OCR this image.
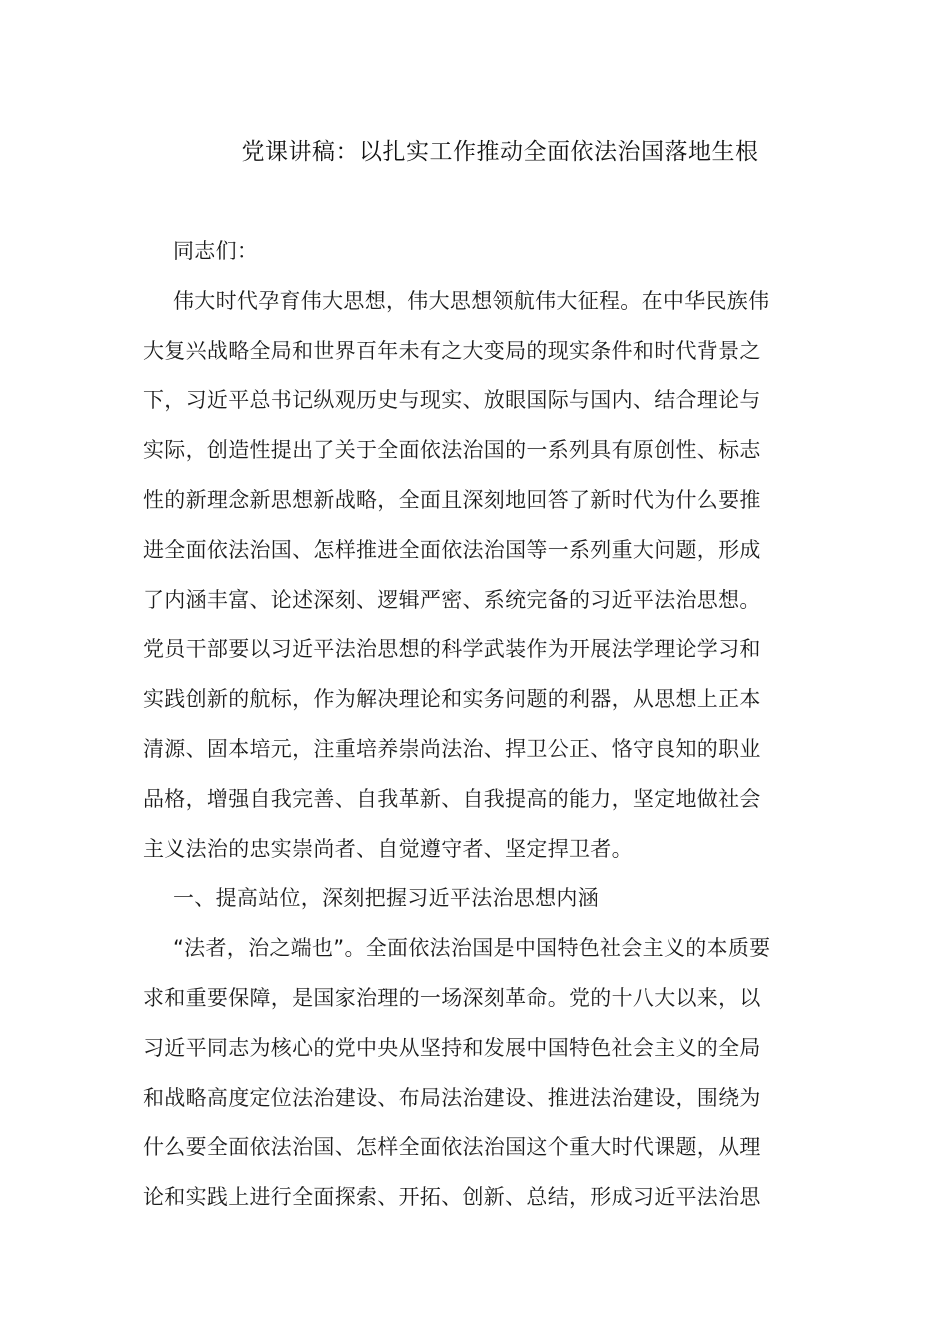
党课讲稿：以扎实工作推动全面依法治国落地生根
同志们：
伟大时代孕育伟大思想，伟大思想领航伟大征程。在中华民族伟
大复兴战略全局和世界百年未有之大变局的现实条件和时代背景之
下，习近平总书记纵观历史与现实、放眼国际与国内、结合理论与
实际，创造性提出了关于全面依法治国的一系列具有原创性、标志
性的新理念新思想新战略，全面且深刻地回答了新时代为什么要推
进全面依法治国、怎样推进全面依法治国等一系列重大问题，形成
了内涵丰富、论述深刻、逻辑严密、系统完备的习近平法治思想。
党员干部要以习近平法治思想的科学武装作为开展法学理论学习和
实践创新的航标，作为解决理论和实务问题的利器，从思想上正本
清源、固本培元，注重培养崇尚法治、捍卫公正、恪守良知的职业
品格，增强自我完善、自我革新、自我提高的能力，坚定地做社会
主义法治的忠实崇尚者、自觉遵守者、坚定捍卫者。
一、提高站位，深刻把握习近平法治思想内涵
“法者，治之端也”。全面依法治国是中国特色社会主义的本质要
求和重要保障，是国家治理的一场深刻革命。党的十八大以来，以
习近平同志为核心的党中央从坚持和发展中国特色社会主义的全局
和战略高度定位法治建设、布局法治建设、推进法治建设，围绕为
什么要全面依法治国、怎样全面依法治国这个重大时代课题，从理
论和实践上进行全面探索、开拓、创新、总结，形成习近平法治思
